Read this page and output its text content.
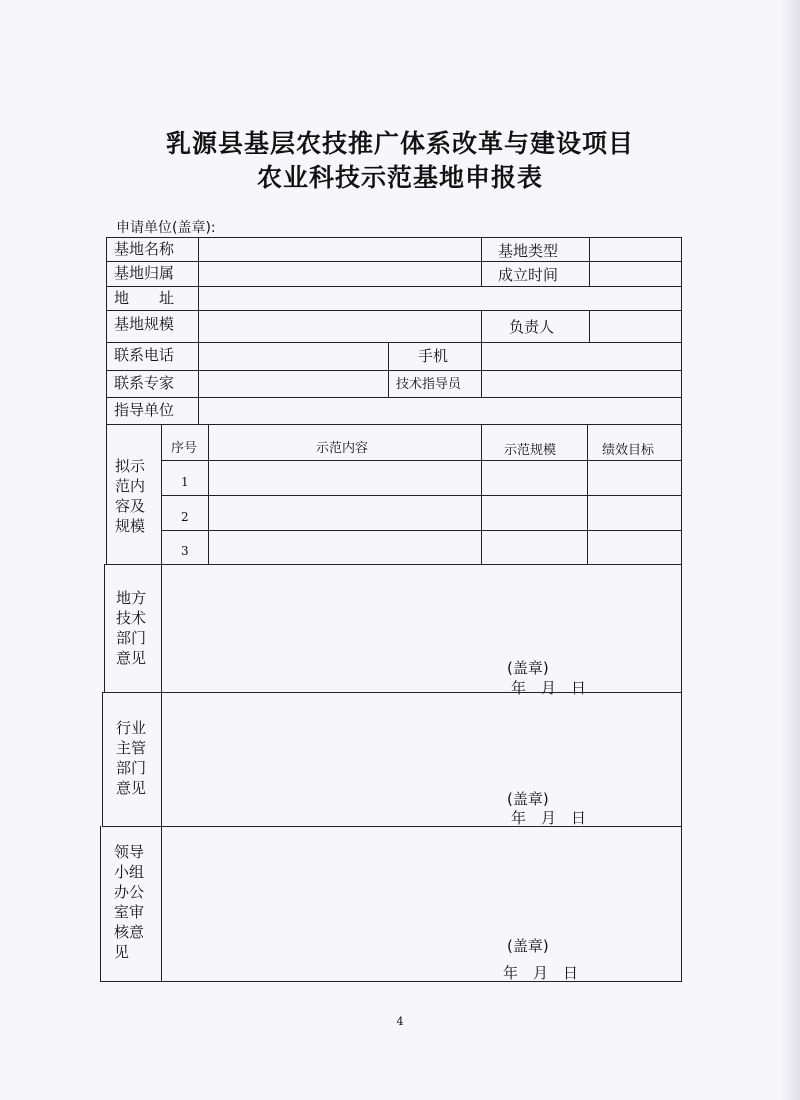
乳源县基层农技推广体系改革与建设项目
农业科技示范基地申报表
申请单位(盖章):
基地名称	基地类型
基地归属	成立时间
地　　址
基地规模	负责人
联系电话	手机
联系专家	技术指导员
指导单位
拟示范内容及规模
序号	示范内容	示范规模	绩效目标
1
2
3
地方技术部门意见
(盖章)
年　月　日
行业主管部门意见
(盖章)
年　月　日
领导小组办公室审核意见	(盖章)
年　月　日
4
